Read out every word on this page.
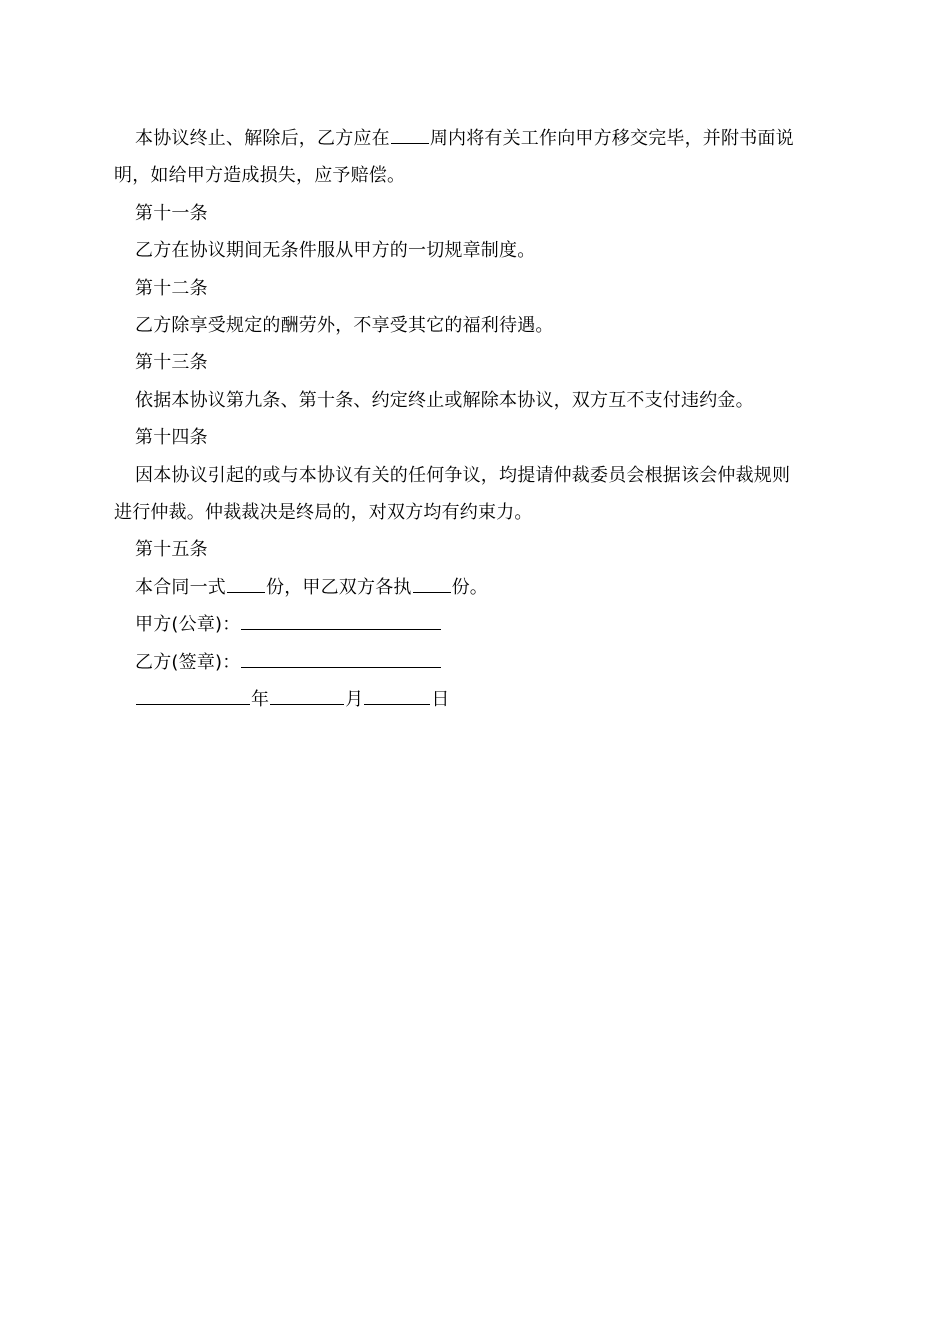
本协议终止、解除后，乙方应在 周内将有关工作向甲方移交完毕，并附书面说
明，如给甲方造成损失，应予赔偿。
第十一条
乙方在协议期间无条件服从甲方的一切规章制度。
第十二条
乙方除享受规定的酬劳外，不享受其它的福利待遇。
第十三条
依据本协议第九条、第十条、约定终止或解除本协议，双方互不支付违约金。
第十四条
因本协议引起的或与本协议有关的任何争议，均提请仲裁委员会根据该会仲裁规则
进行仲裁。仲裁裁决是终局的，对双方均有约束力。
第十五条
本合同一式 份，甲乙双方各执 份。
甲方(公章)：
乙方(签章)：
年	月	日
